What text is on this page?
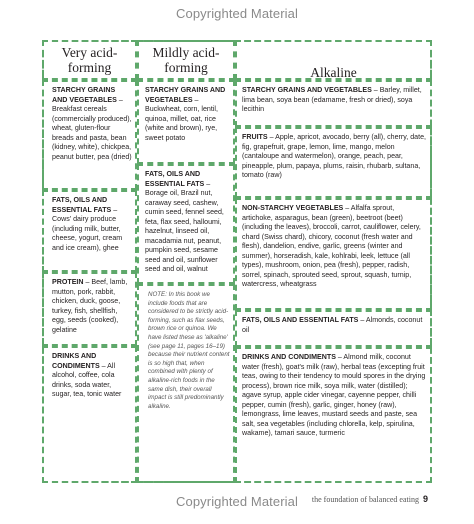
Copyrighted Material
Very acid-
forming
Mildly acid-
forming	Alkaline
STARCHY GRAINS AND VEGETABLES – Breakfast cereals (commercially produced), wheat, gluten-flour breads and pasta, bean (kidney, white), chickpea, peanut butter, pea (dried)
FATS, OILS AND ESSENTIAL FATS – Cows' dairy produce (including milk, butter, cheese, yogurt, cream and ice cream), ghee
PROTEIN – Beef, lamb, mutton, pork, rabbit, chicken, duck, goose, turkey, fish, shellfish, egg, seeds (cooked), gelatine
DRINKS AND CONDIMENTS – All alcohol, coffee, cola drinks, soda water, sugar, tea, tonic water
STARCHY GRAINS AND VEGETABLES – Buckwheat, corn, lentil, quinoa, millet, oat, rice (white and brown), rye, sweet potato
FATS, OILS AND ESSENTIAL FATS – Borage oil, Brazil nut, caraway seed, cashew, cumin seed, fennel seed, feta, flax seed, halloumi, hazelnut, linseed oil, macadamia nut, peanut, pumpkin seed, sesame seed and oil, sunflower seed and oil, walnut
NOTE: In this book we include foods that are considered to be strictly acid-forming, such as flax seeds, brown rice or quinoa. We have listed these as 'alkaline' (see page 11, pages 16–19) because their nutrient content is so high that, when combined with plenty of alkaline-rich foods in the same dish, their overall impact is still predominantly alkaline.
STARCHY GRAINS AND VEGETABLES – Barley, millet, lima bean, soya bean (edamame, fresh or dried), soya lecithin
FRUITS – Apple, apricot, avocado, berry (all), cherry, date, fig, grapefruit, grape, lemon, lime, mango, melon (cantaloupe and watermelon), orange, peach, pear, pineapple, plum, papaya, plums, raisin, rhubarb, sultana, tomato (raw)
NON-STARCHY VEGETABLES – Alfalfa sprout, artichoke, asparagus, bean (green), beetroot (beet) (including the leaves), broccoli, carrot, cauliflower, celery, chard (Swiss chard), chicory, coconut (fresh water and flesh), dandelion, endive, garlic, greens (winter and summer), horseradish, kale, kohlrabi, leek, lettuce (all types), mushroom, onion, pea (fresh), pepper, radish, sorrel, spinach, sprouted seed, sprout, squash, turnip, watercress, wheatgrass
FATS, OILS AND ESSENTIAL FATS – Almonds, coconut oil
DRINKS AND CONDIMENTS – Almond milk, coconut water (fresh), goat's milk (raw), herbal teas (excepting fruit teas, owing to their tendency to mould spores in the drying process), brown rice milk, soya milk, water (distilled); agave syrup, apple cider vinegar, cayenne pepper, chilli pepper, cumin (fresh), garlic, ginger, honey (raw), lemongrass, lime leaves, mustard seeds and paste, sea salt, sea vegetables (including chlorella, kelp, spirulina, wakame), tamari sauce, turmeric
Copyrighted Material	the foundation of balanced eating 9
